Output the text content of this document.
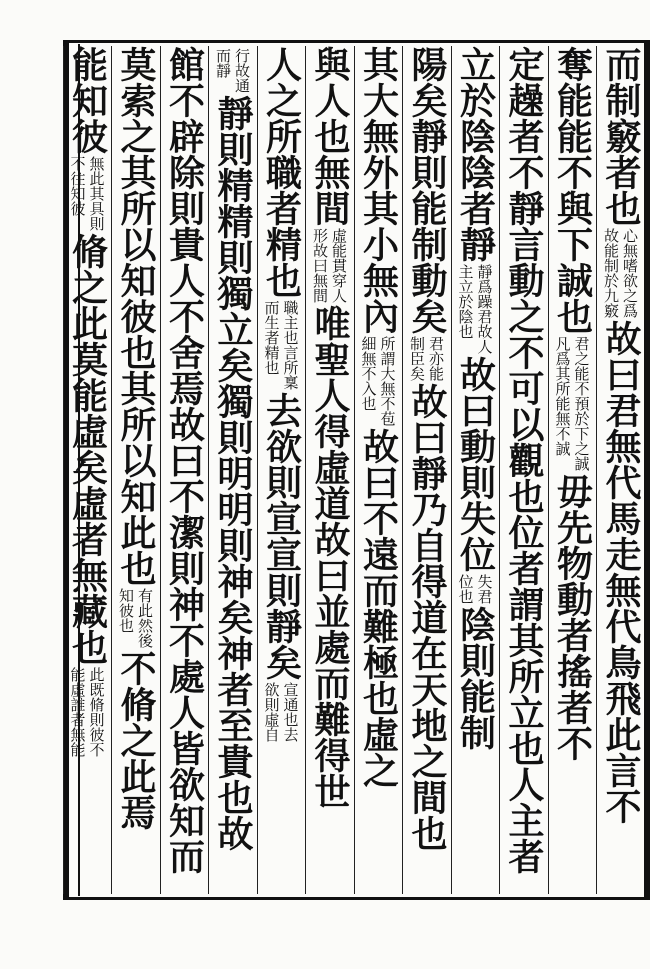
而制竅者也
心無嗜欲之爲
故能制於九竅
故曰君無代馬走無代鳥飛此言不
奪能能不與下誠也
君之能不預於下之誠
凡爲其所能無不誠
毋先物動者搖者不
定趮者不靜言動之不可以觀也位者謂其所立也人主者
立於陰陰者靜
靜爲躁君故人
主立於陰也
故曰動則失位
失君
位也
陰則能制
陽矣靜則能制動矣
君亦能
制臣矣
故曰靜乃自得道在天地之間也
其大無外其小無內
所謂大無不苞
細無不入也
故曰不遠而難極也虛之
與人也無間
虛能貫穿人
形故曰無間
唯聖人得虛道故曰並處而難得世
人之所職者精也
職主也言所稟
而生者精也
去欲則宣宣則靜矣
宣通也去
欲則虛自
行故通
而靜
靜則精精則獨立矣獨則明明則神矣神者至貴也故
館不辟除則貴人不舍焉故曰不潔則神不處人皆欲知而
莫索之其所以知彼也其所以知此也
有此然後
知彼也
不脩之此焉
能知彼
無此其具則
不往知彼
脩之此莫能虛矣虛者無藏也
此既脩則彼不
能虛誰者無能
